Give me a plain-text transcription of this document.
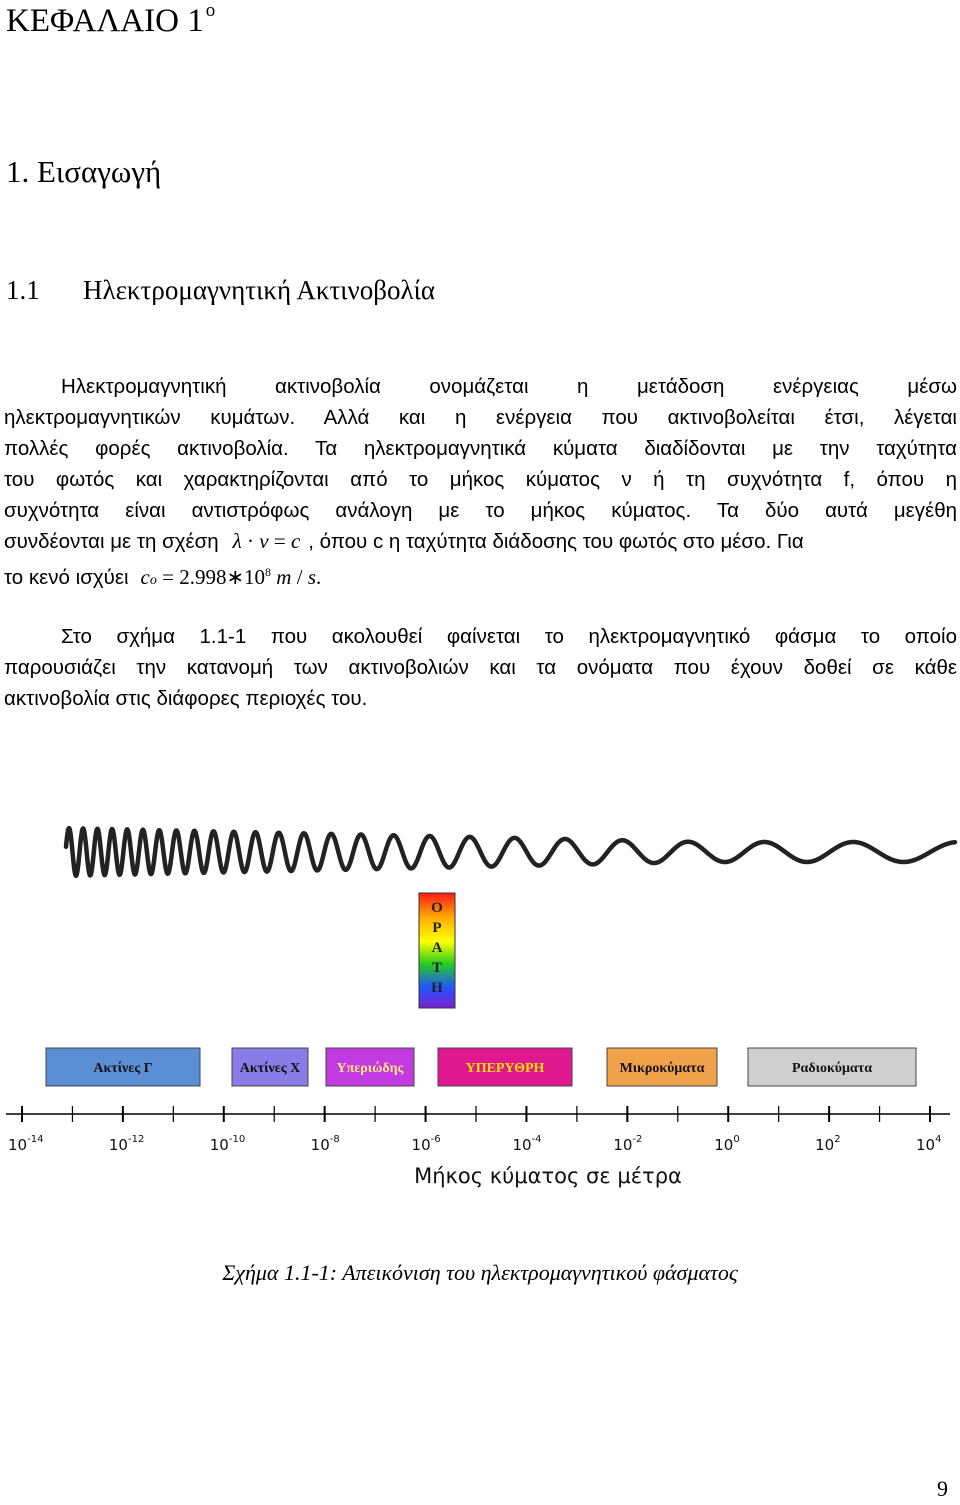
ΚΕΦΑΛΑΙΟ 1 $^o$
1. Εισαγωγή
1.1 Ηλεκτρομαγνητική Ακτινοβολία
Ηλεκτρομαγνητική ακτινοβολία ονομάζεται η μετάδοση ενέργειας μέσω
ηλεκτρομαγνητικών κυμάτων. Αλλά και η ενέργεια που ακτινοβολείται έτσι, λέγεται
πολλές φορές ακτινοβολία. Τα ηλεκτρομαγνητικά κύματα διαδίδονται με την ταχύτητα
του φωτός και χαρακτηρίζονται από το μήκος κύματος ν ή τη συχνότητα f, όπου η
συχνότητα είναι αντιστρόφως ανάλογη με το μήκος κύματος. Τα δύο αυτά μεγέθη
συνδέονται με τη σχέση λ · v = c , όπου c η ταχύτητα διάδοσης του φωτός στο μέσο. Για
το κενό ισχύει co = $2.998∗10^8$ m / s.
Στο σχήμα 1.1-1 που ακολουθεί φαίνεται το ηλεκτρομαγνητικό φάσμα το οποίο
παρουσιάζει την κατανομή των ακτινοβολιών και τα ονόματα που έχουν δοθεί σε κάθε
ακτινοβολία στις διάφορες περιοχές του.
Ο
Ρ
Α
Τ
Η
Ακτίνες Γ	Ακτίνες Χ	Υπεριώδης	ΥΠΕΡΥΘΡΗ	Μικροκύματα	Ραδιοκύματα
$10^{-14}$	$10^{-12}$	$10^{-10}$	$10^{-8}$	$10^{-6}$	$10^{-4}$	$10^{-2}$	$10^0$	$10^2$	$10^4$
Μήκος κύματος σε μέτρα
Σχήμα 1.1-1: Απεικόνιση του ηλεκτρομαγνητικού φάσματος
9
